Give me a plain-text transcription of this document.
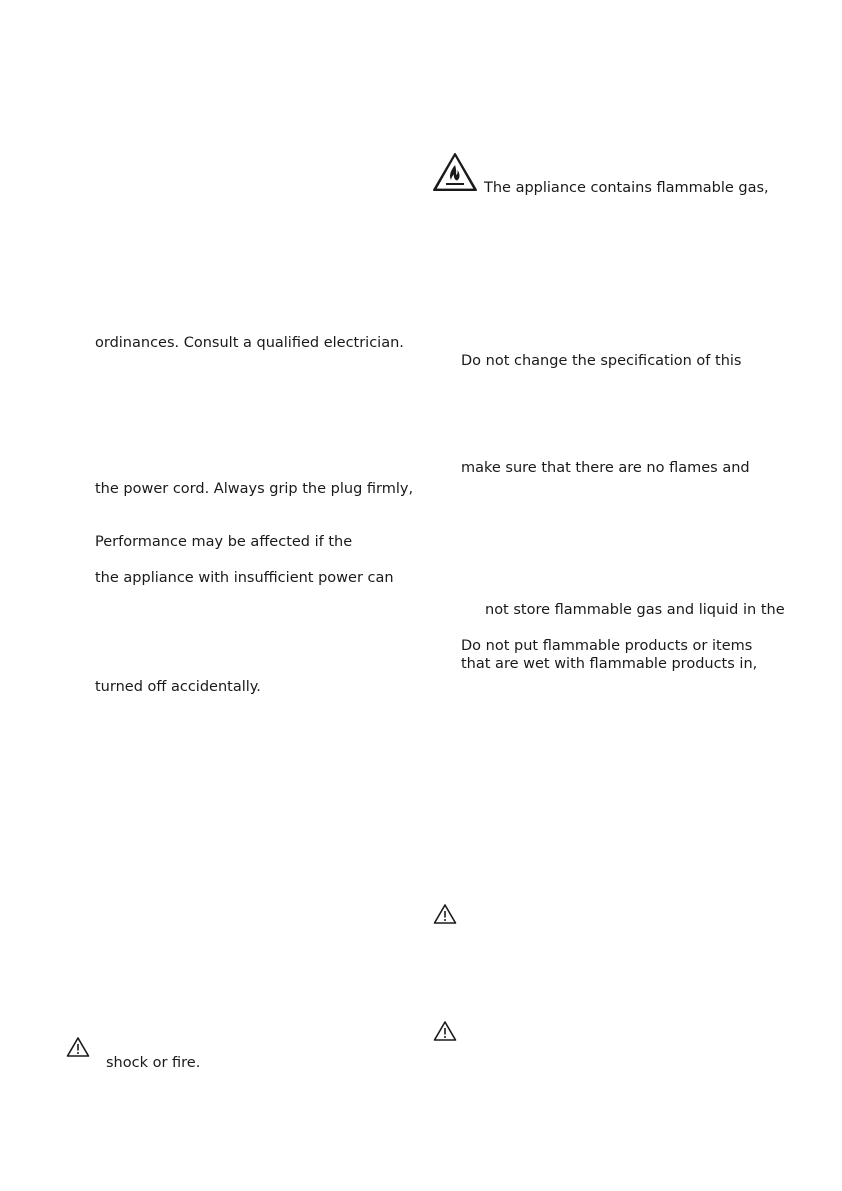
ordinances. Consult a qualified electrician.
the power cord. Always grip the plug firmly,
Performance may be affected if the
the appliance with insufficient power can
turned off accidentally.
shock or fire.
The appliance contains flammable gas,
Do not change the specification of this
make sure that there are no flames and
not store flammable gas and liquid in the
Do not put flammable products or items
that are wet with flammable products in,
